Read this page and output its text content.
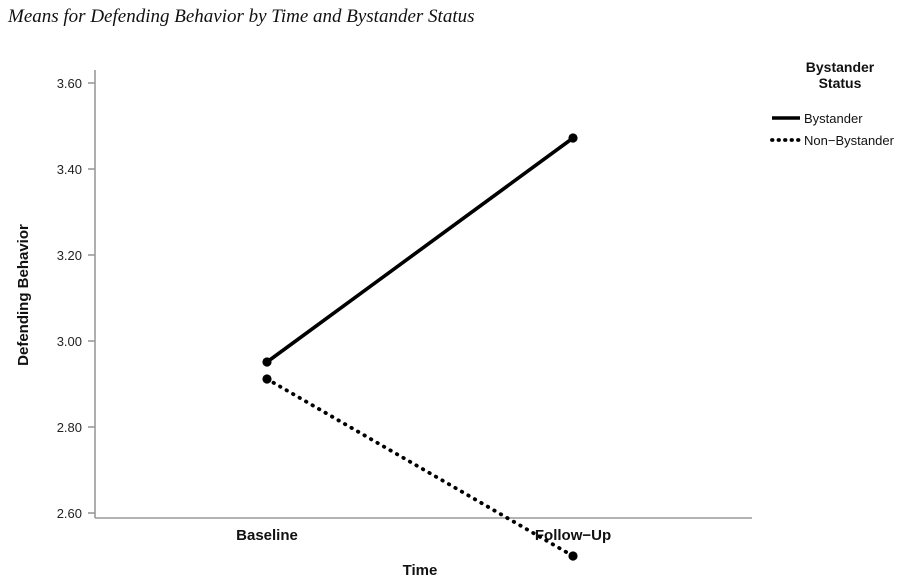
Means for Defending Behavior by Time and Bystander Status
3.60
3.40
3.20
3.00
2.80
2.60
Defending Behavior
Baseline	Follow−Up
Time
Bystander
Status
Bystander
Non−Bystander
